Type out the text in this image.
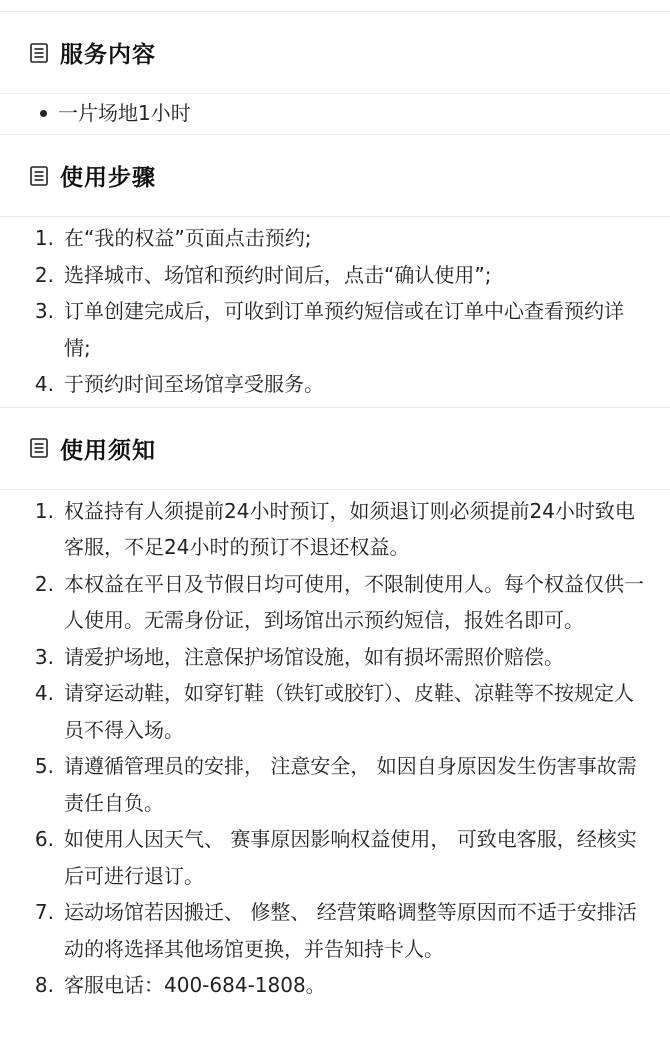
服务内容
一片场地1小时
使用步骤
1. 在“我的权益”页面点击预约;
2. 选择城市、场馆和预约时间后，点击“确认使用”;
3. 订单创建完成后，可收到订单预约短信或在订单中心查看预约详情;
4. 于预约时间至场馆享受服务。
使用须知
1. 权益持有人须提前24小时预订，如须退订则必须提前24小时致电客服，不足24小时的预订不退还权益。
2. 本权益在平日及节假日均可使用，不限制使用人。每个权益仅供一人使用。无需身份证，到场馆出示预约短信，报姓名即可。
3. 请爱护场地，注意保护场馆设施，如有损坏需照价赔偿。
4. 请穿运动鞋，如穿钉鞋（铁钉或胶钉）、皮鞋、凉鞋等不按规定人员不得入场。
5. 请遵循管理员的安排， 注意安全， 如因自身原因发生伤害事故需责任自负。
6. 如使用人因天气、 赛事原因影响权益使用， 可致电客服，经核实后可进行退订。
7. 运动场馆若因搬迁、 修整、 经营策略调整等原因而不适于安排活动的将选择其他场馆更换，并告知持卡人。
8. 客服电话：400-684-1808。
